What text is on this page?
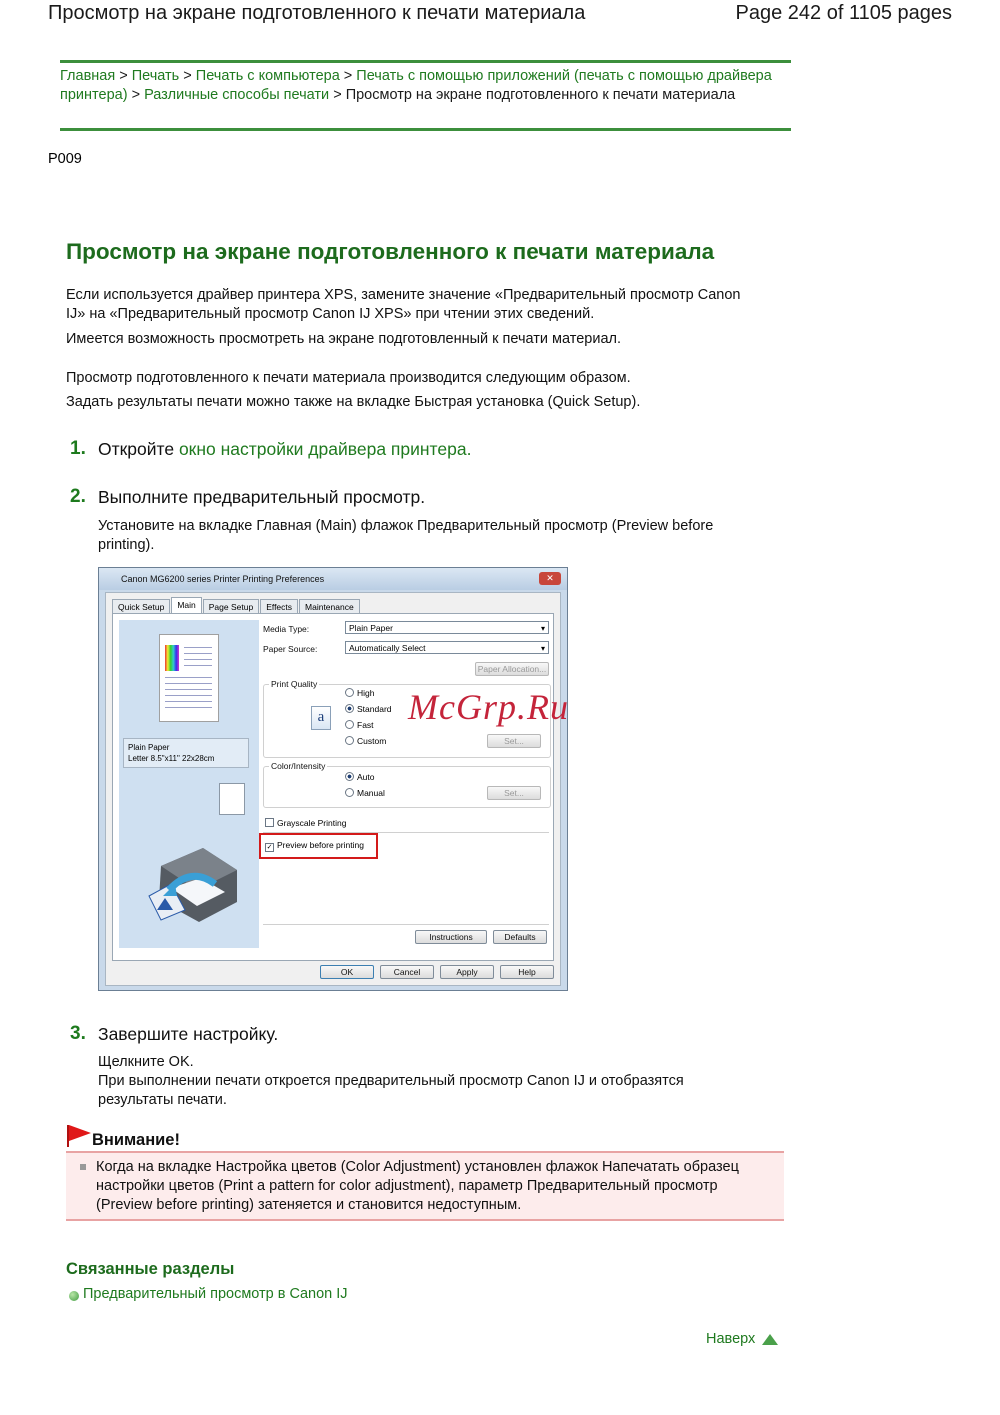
Просмотр на экране подготовленного к печати материала	Page 242 of 1105 pages
Главная > Печать > Печать с компьютера > Печать с помощью приложений (печать с помощью драйвера принтера) > Различные способы печати > Просмотр на экране подготовленного к печати материала
P009
Просмотр на экране подготовленного к печати материала
Если используется драйвер принтера XPS, замените значение «Предварительный просмотр Canon IJ» на «Предварительный просмотр Canon IJ XPS» при чтении этих сведений.
Имеется возможность просмотреть на экране подготовленный к печати материал.
Просмотр подготовленного к печати материала производится следующим образом.
Задать результаты печати можно также на вкладке Быстрая установка (Quick Setup).
1. Откройте окно настройки драйвера принтера.
2. Выполните предварительный просмотр.
Установите на вкладке Главная (Main) флажок Предварительный просмотр (Preview before printing).
Canon MG6200 series Printer Printing Preferences	✕
Quick Setup	Main	Page Setup	Effects	Maintenance
Plain Paper
Letter 8.5"x11" 22x28cm
Media Type:	Plain Paper ▾
Paper Source:	Automatically Select ▾
Paper Allocation...
Print Quality
a
High
Standard
Fast
Custom	Set...
Color/Intensity
Auto
Manual	Set...
Grayscale Printing
✓ Preview before printing
Instructions	Defaults
OK	Cancel	Apply	Help
McGrp.Ru
3. Завершите настройку.
Щелкните OK.
При выполнении печати откроется предварительный просмотр Canon IJ и отобразятся результаты печати.
Внимание!
Когда на вкладке Настройка цветов (Color Adjustment) установлен флажок Напечатать образец настройки цветов (Print a pattern for color adjustment), параметр Предварительный просмотр (Preview before printing) затеняется и становится недоступным.
Связанные разделы
Предварительный просмотр в Canon IJ
Наверх
